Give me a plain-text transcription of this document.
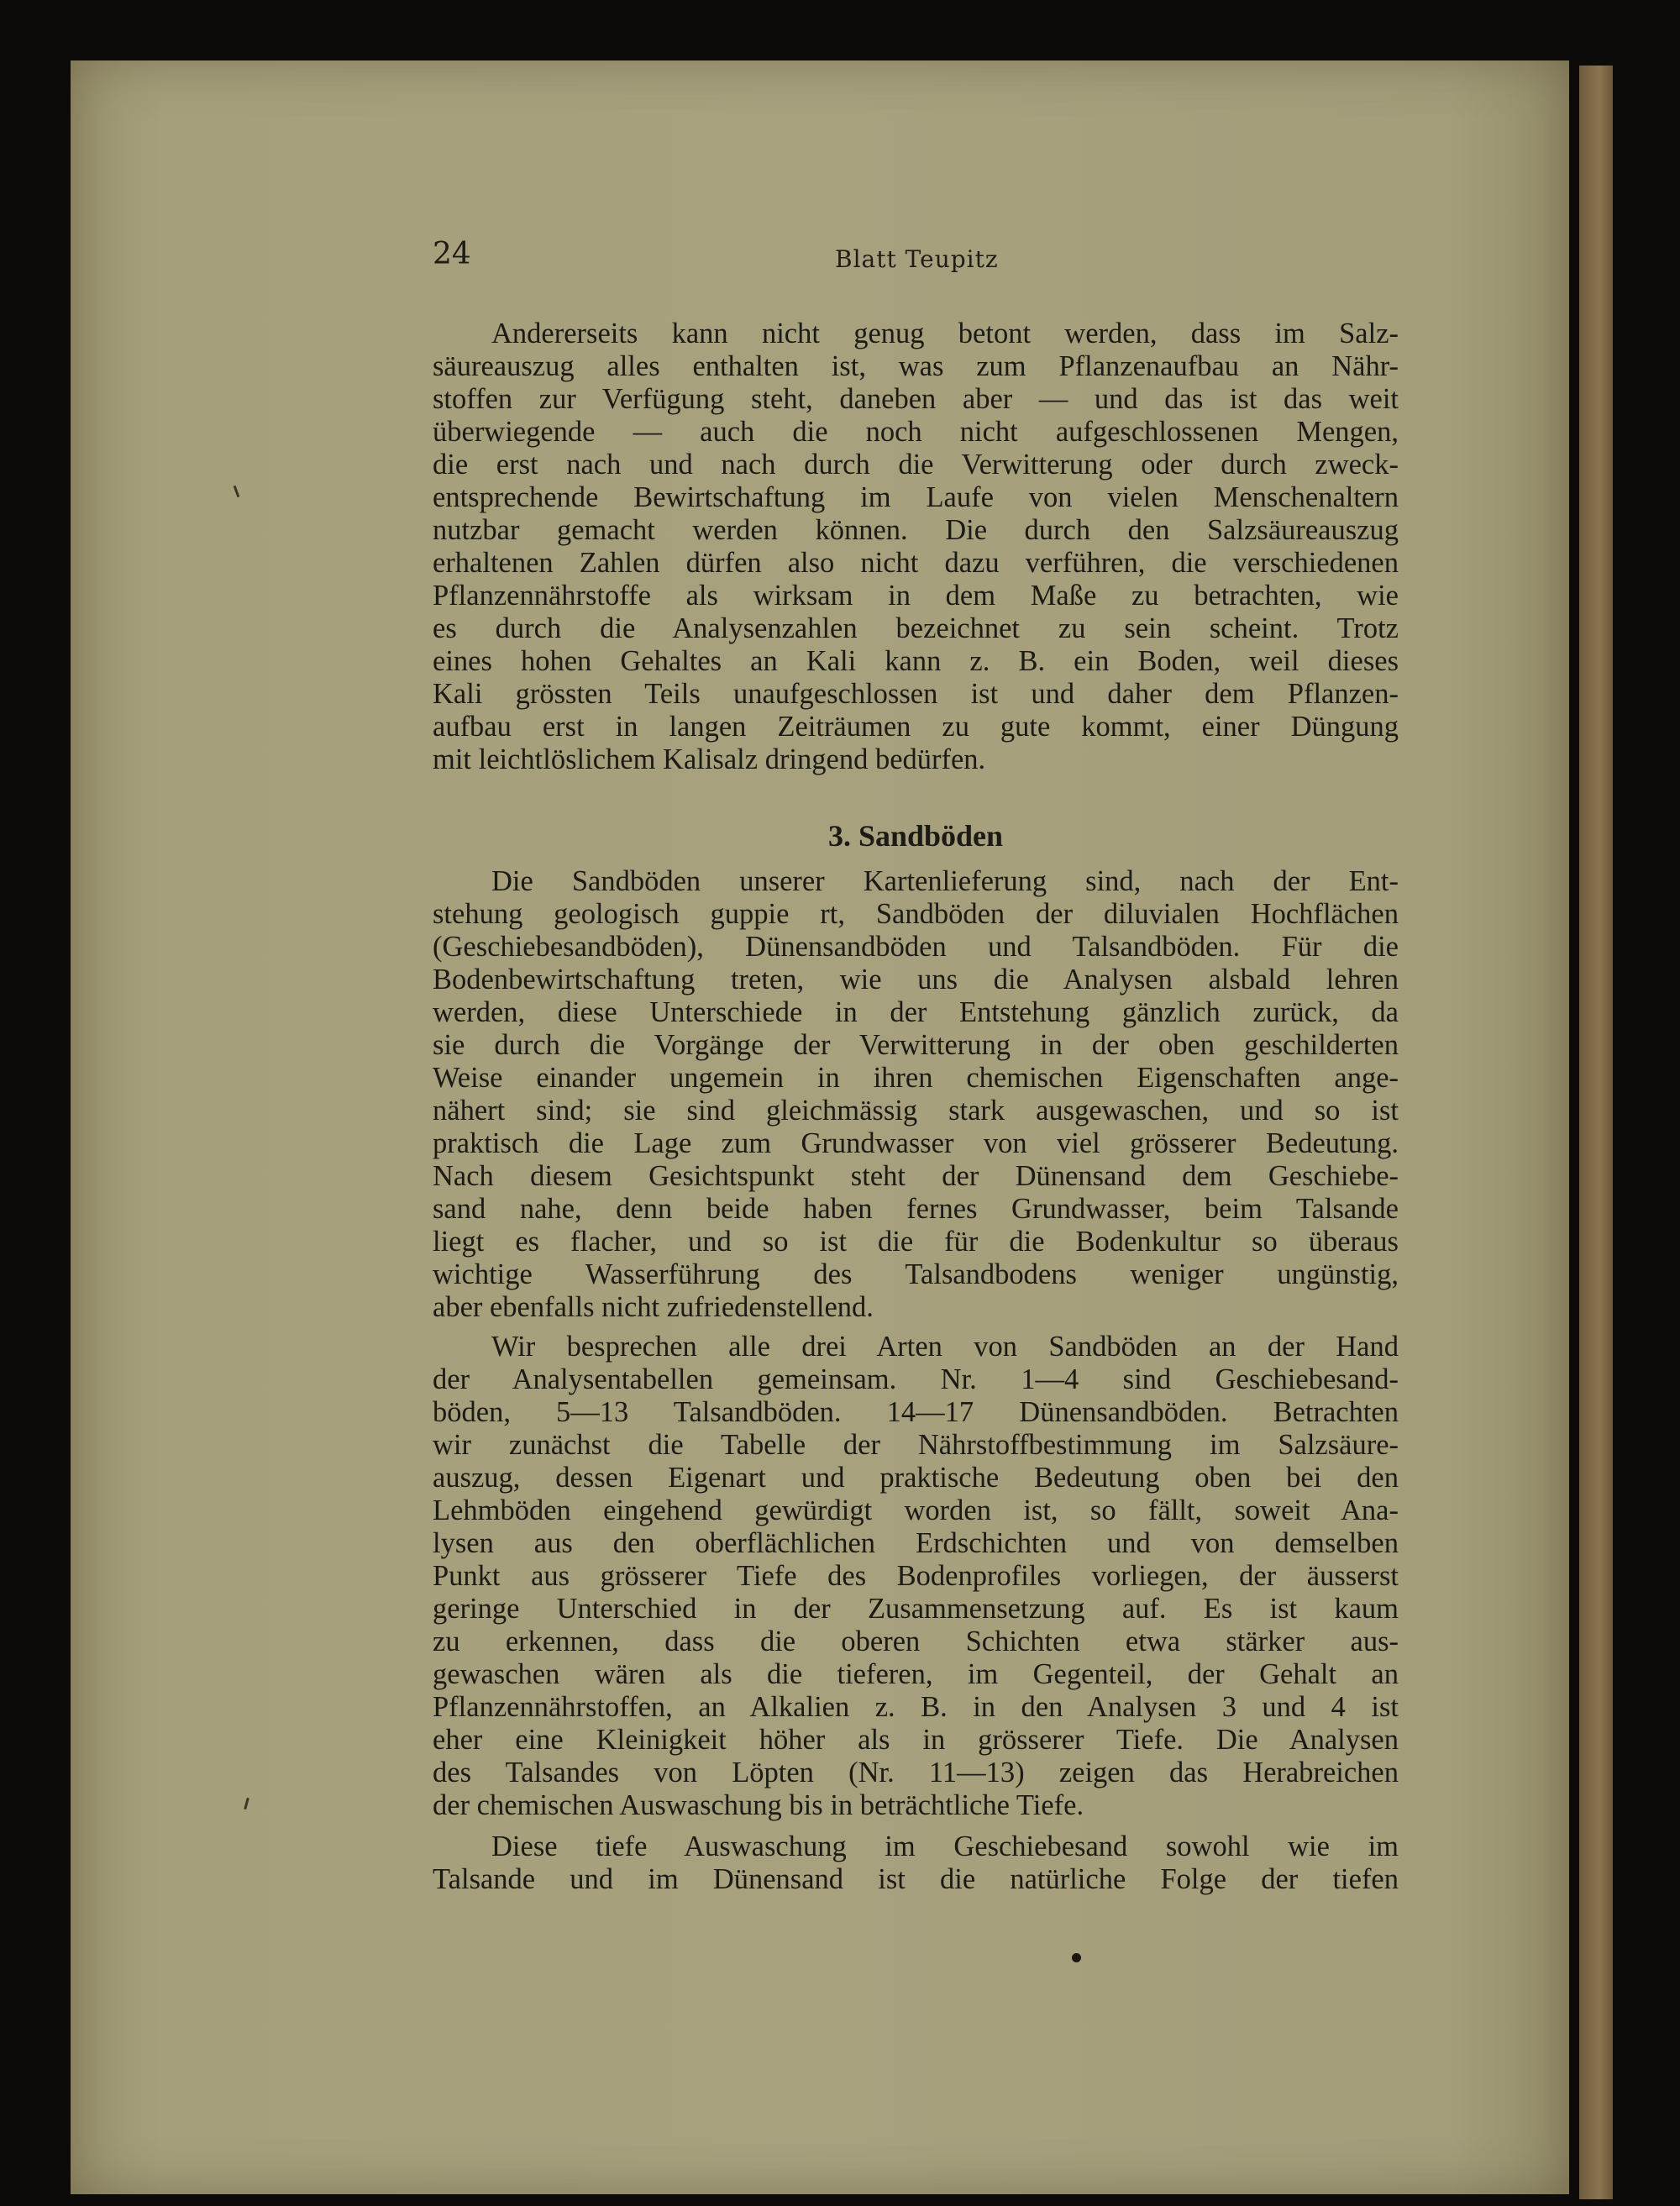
24	Blatt Teupitz
Andererseits kann nicht genug betont werden, dass im Salz-
säureauszug alles enthalten ist, was zum Pflanzenaufbau an Nähr-
stoffen zur Verfügung steht, daneben aber — und das ist das weit
überwiegende — auch die noch nicht aufgeschlossenen Mengen,
die erst nach und nach durch die Verwitterung oder durch zweck-
entsprechende Bewirtschaftung im Laufe von vielen Menschenaltern
nutzbar gemacht werden können. Die durch den Salzsäureauszug
erhaltenen Zahlen dürfen also nicht dazu verführen, die verschiedenen
Pflanzennährstoffe als wirksam in dem Maße zu betrachten, wie
es durch die Analysenzahlen bezeichnet zu sein scheint. Trotz
eines hohen Gehaltes an Kali kann z. B. ein Boden, weil dieses
Kali grössten Teils unaufgeschlossen ist und daher dem Pflanzen-
aufbau erst in langen Zeiträumen zu gute kommt, einer Düngung
mit leichtlöslichem Kalisalz dringend bedürfen.
3. Sandböden
Die Sandböden unserer Kartenlieferung sind, nach der Ent-
stehung geologisch guppie rt, Sandböden der diluvialen Hochflächen
(Geschiebesandböden), Dünensandböden und Talsandböden. Für die
Bodenbewirtschaftung treten, wie uns die Analysen alsbald lehren
werden, diese Unterschiede in der Entstehung gänzlich zurück, da
sie durch die Vorgänge der Verwitterung in der oben geschilderten
Weise einander ungemein in ihren chemischen Eigenschaften ange-
nähert sind; sie sind gleichmässig stark ausgewaschen, und so ist
praktisch die Lage zum Grundwasser von viel grösserer Bedeutung.
Nach diesem Gesichtspunkt steht der Dünensand dem Geschiebe-
sand nahe, denn beide haben fernes Grundwasser, beim Talsande
liegt es flacher, und so ist die für die Bodenkultur so überaus
wichtige Wasserführung des Talsandbodens weniger ungünstig,
aber ebenfalls nicht zufriedenstellend.
Wir besprechen alle drei Arten von Sandböden an der Hand
der Analysentabellen gemeinsam. Nr. 1—4 sind Geschiebesand-
böden, 5—13 Talsandböden. 14—17 Dünensandböden. Betrachten
wir zunächst die Tabelle der Nährstoffbestimmung im Salzsäure-
auszug, dessen Eigenart und praktische Bedeutung oben bei den
Lehmböden eingehend gewürdigt worden ist, so fällt, soweit Ana-
lysen aus den oberflächlichen Erdschichten und von demselben
Punkt aus grösserer Tiefe des Bodenprofiles vorliegen, der äusserst
geringe Unterschied in der Zusammensetzung auf. Es ist kaum
zu erkennen, dass die oberen Schichten etwa stärker aus-
gewaschen wären als die tieferen, im Gegenteil, der Gehalt an
Pflanzennährstoffen, an Alkalien z. B. in den Analysen 3 und 4 ist
eher eine Kleinigkeit höher als in grösserer Tiefe. Die Analysen
des Talsandes von Löpten (Nr. 11—13) zeigen das Herabreichen
der chemischen Auswaschung bis in beträchtliche Tiefe.
Diese tiefe Auswaschung im Geschiebesand sowohl wie im
Talsande und im Dünensand ist die natürliche Folge der tiefen
